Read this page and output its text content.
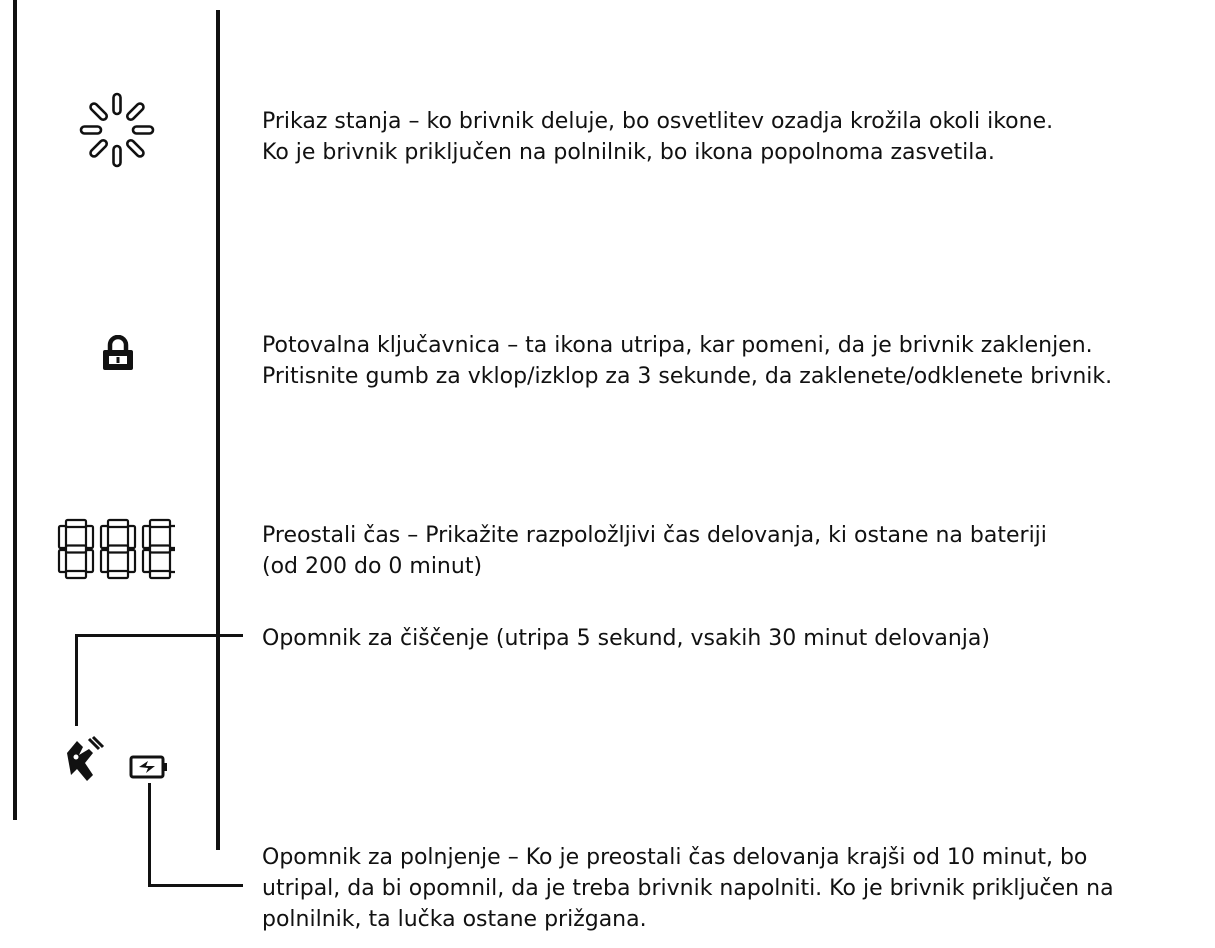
Prikaz stanja – ko brivnik deluje, bo osvetlitev ozadja krožila okoli ikone.
Ko je brivnik priključen na polnilnik, bo ikona popolnoma zasvetila.
Potovalna ključavnica – ta ikona utripa, kar pomeni, da je brivnik zaklenjen.
Pritisnite gumb za vklop/izklop za 3 sekunde, da zaklenete/odklenete brivnik.
Preostali čas – Prikažite razpoložljivi čas delovanja, ki ostane na bateriji
(od 200 do 0 minut)
Opomnik za čiščenje (utripa 5 sekund, vsakih 30 minut delovanja)
Opomnik za polnjenje – Ko je preostali čas delovanja krajši od 10 minut, bo
utripal, da bi opomnil, da je treba brivnik napolniti. Ko je brivnik priključen na
polnilnik, ta lučka ostane prižgana.
